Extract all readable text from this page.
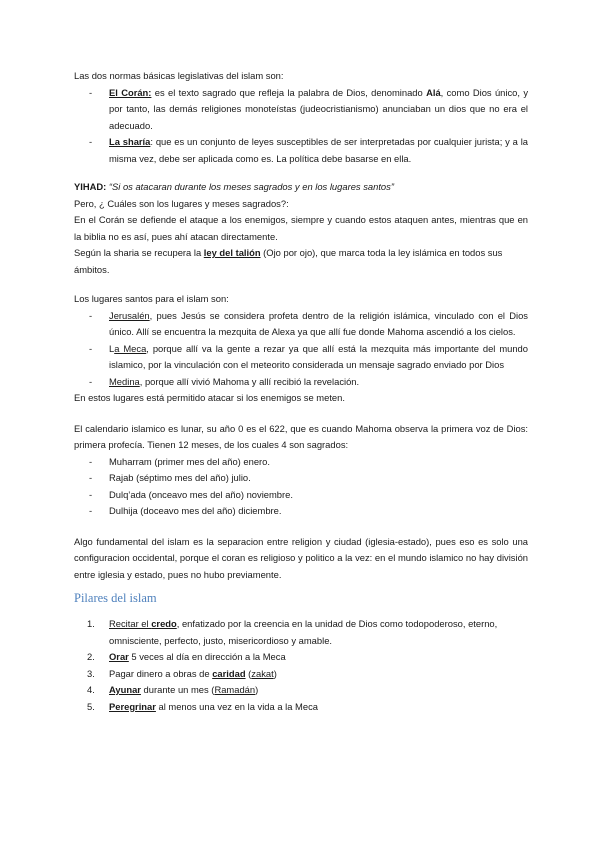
Las dos normas básicas legislativas del islam son:

- El Corán: es el texto sagrado que refleja la palabra de Dios, denominado Alá, como Dios único, y por tanto, las demás religiones monoteístas (judeocristianismo) anunciaban un dios que no era el adecuado.
- La sharía: que es un conjunto de leyes susceptibles de ser interpretadas por cualquier jurista; y a la misma vez, debe ser aplicada como es. La política debe basarse en ella.

YIHAD: “Si os atacaran durante los meses sagrados y en los lugares santos”

Pero, ¿ Cuáles son los lugares y meses sagrados?:

En el Corán se defiende el ataque a los enemigos, siempre y cuando estos ataquen antes, mientras que en la biblia no es así, pues ahí atacan directamente.

Según la sharia se recupera la ley del talión (Ojo por ojo), que marca toda la ley islámica en todos sus ámbitos.

Los lugares santos para el islam son:

- Jerusalén, pues Jesús se considera profeta dentro de la religión islámica, vinculado con el Dios único. Allí se encuentra la mezquita de Alexa ya que allí fue donde Mahoma ascendió a los cielos.
- La Meca, porque allí va la gente a rezar ya que allí está la mezquita más importante del mundo islamico, por la vinculación con el meteorito considerada un mensaje sagrado enviado por Dios
- Medina, porque allí vivió Mahoma y allí recibió la revelación.

En estos lugares está permitido atacar si los enemigos se meten.

El calendario islamico es lunar, su año 0 es el 622, que es cuando Mahoma observa la primera voz de Dios: primera profecía. Tienen 12 meses, de los cuales 4 son sagrados:

- Muharram (primer mes del año) enero.
- Rajab (séptimo mes del año) julio.
- Dulq’ada (onceavo mes del año) noviembre.
- Dulhija (doceavo mes del año) diciembre.

Algo fundamental del islam es la separacion entre religion y ciudad (iglesia-estado), pues eso es solo una configuracion occidental, porque el coran es religioso y politico a la vez: en el mundo islamico no hay división entre iglesia y estado, pues no hubo previamente.

Pilares del islam
1. Recitar el credo, enfatizado por la creencia en la unidad de Dios como todopoderoso, eterno, omnisciente, perfecto, justo, misericordioso y amable.
2. Orar 5 veces al día en dirección a la Meca
3. Pagar dinero a obras de caridad (zakat)
4. Ayunar durante un mes (Ramadán)
5. Peregrinar al menos una vez en la vida a la Meca
